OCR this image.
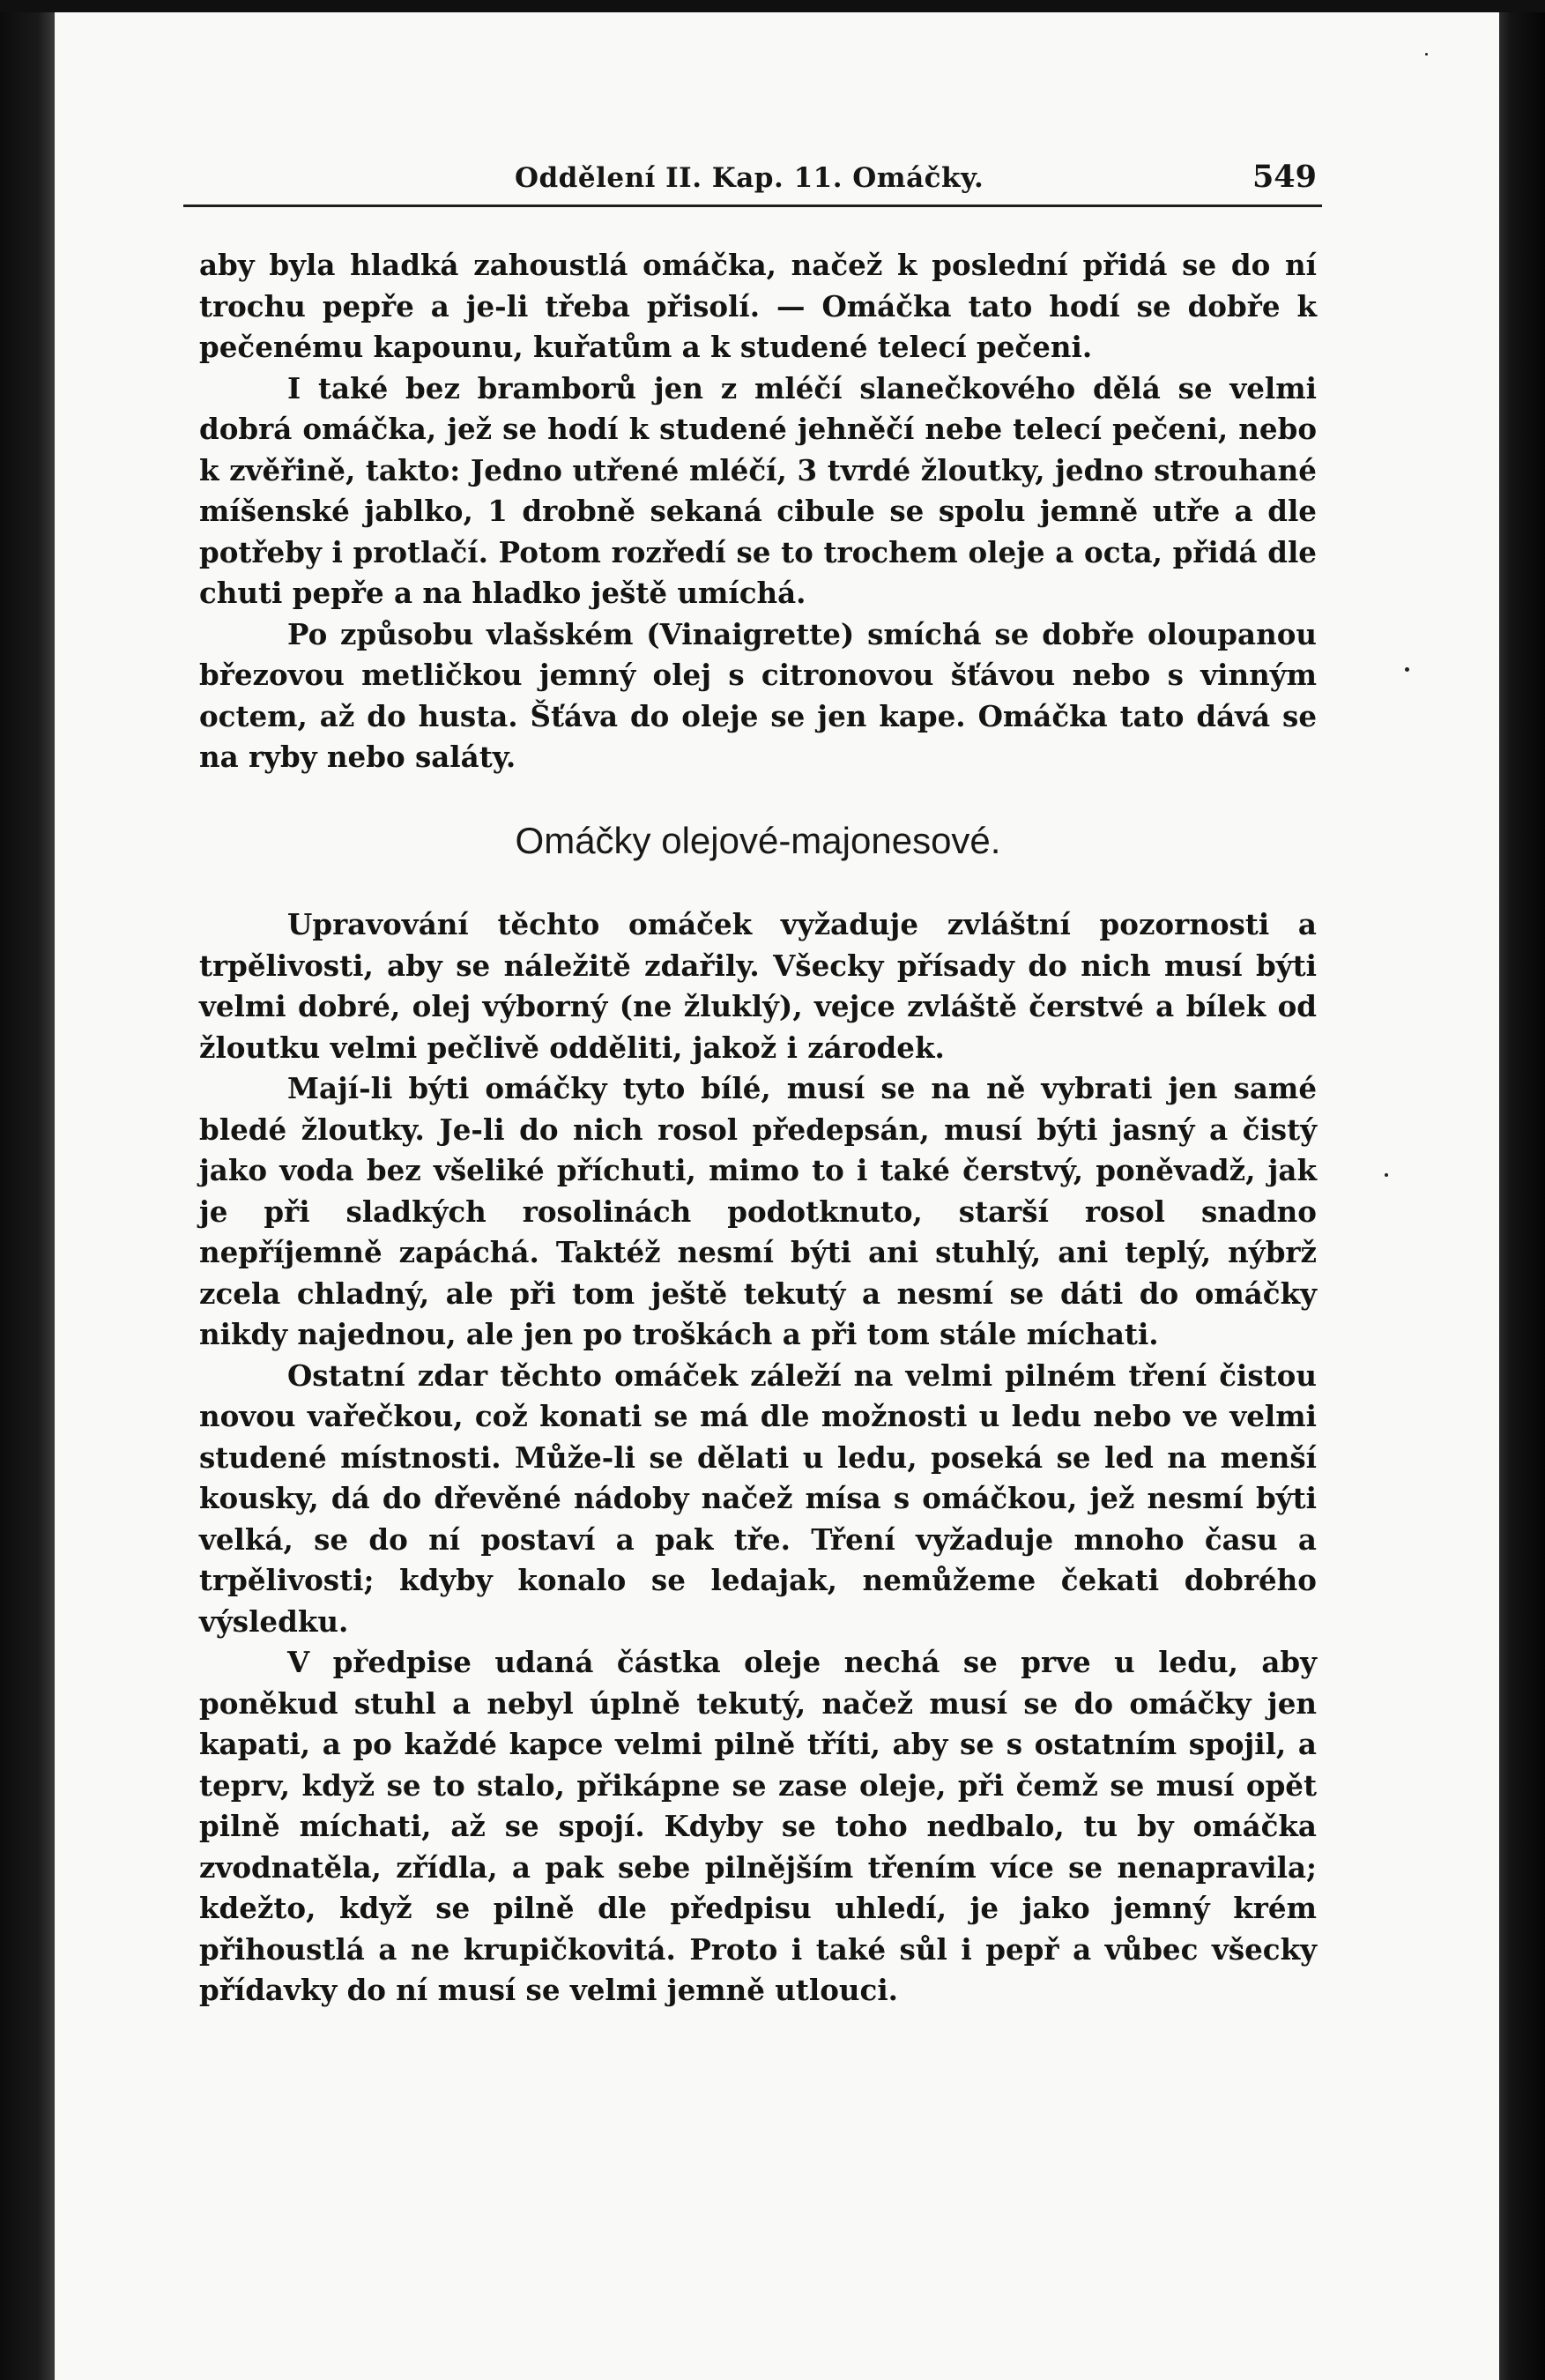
Oddělení II. Kap. 11. Omáčky.	549

aby byla hladká zahoustlá omáčka, načež k poslední přidá se do ní trochu pepře a je-li třeba přisolí. — Omáčka tato hodí se dobře k pečenému kapounu, kuřatům a k studené telecí pečeni.

I také bez bramborů jen z mléčí slanečkového dělá se velmi dobrá omáčka, jež se hodí k studené jehněčí nebe telecí pečeni, nebo k zvěřině, takto: Jedno utřené mléčí, 3 tvrdé žloutky, jedno strouhané míšenské jablko, 1 drobně sekaná cibule se spolu jemně utře a dle potřeby i protlačí. Potom rozředí se to trochem oleje a octa, přidá dle chuti pepře a na hladko ještě umíchá.

Po způsobu vlašském (Vinaigrette) smíchá se dobře oloupanou březovou metličkou jemný olej s citronovou šťávou nebo s vinným octem, až do husta. Šťáva do oleje se jen kape. Omáčka tato dává se na ryby nebo saláty.

Omáčky olejové-majonesové.

Upravování těchto omáček vyžaduje zvláštní pozornosti a trpělivosti, aby se náležitě zdařily. Všecky přísady do nich musí býti velmi dobré, olej výborný (ne žluklý), vejce zvláště čerstvé a bílek od žloutku velmi pečlivě odděliti, jakož i zárodek.

Mají-li býti omáčky tyto bílé, musí se na ně vybrati jen samé bledé žloutky. Je-li do nich rosol předepsán, musí býti jasný a čistý jako voda bez všeliké příchuti, mimo to i také čerstvý, poněvadž, jak je při sladkých rosolinách podotknuto, starší rosol snadno nepříjemně zapáchá. Taktéž nesmí býti ani stuhlý, ani teplý, nýbrž zcela chladný, ale při tom ještě tekutý a nesmí se dáti do omáčky nikdy najednou, ale jen po troškách a při tom stále míchati.

Ostatní zdar těchto omáček záleží na velmi pilném tření čistou novou vařečkou, což konati se má dle možnosti u ledu nebo ve velmi studené místnosti. Může-li se dělati u ledu, poseká se led na menší kousky, dá do dřevěné nádoby načež mísa s omáčkou, jež nesmí býti velká, se do ní postaví a pak tře. Tření vyžaduje mnoho času a trpělivosti; kdyby konalo se ledajak, nemůžeme čekati dobrého výsledku.

V předpise udaná částka oleje nechá se prve u ledu, aby poněkud stuhl a nebyl úplně tekutý, načež musí se do omáčky jen kapati, a po každé kapce velmi pilně tříti, aby se s ostatním spojil, a teprv, když se to stalo, přikápne se zase oleje, při čemž se musí opět pilně míchati, až se spojí. Kdyby se toho nedbalo, tu by omáčka zvodnatěla, zřídla, a pak sebe pilnějším třením více se nenapravila; kdežto, když se pilně dle předpisu uhledí, je jako jemný krém přihoustlá a ne krupičkovitá. Proto i také sůl i pepř a vůbec všecky přídavky do ní musí se velmi jemně utlouci.
